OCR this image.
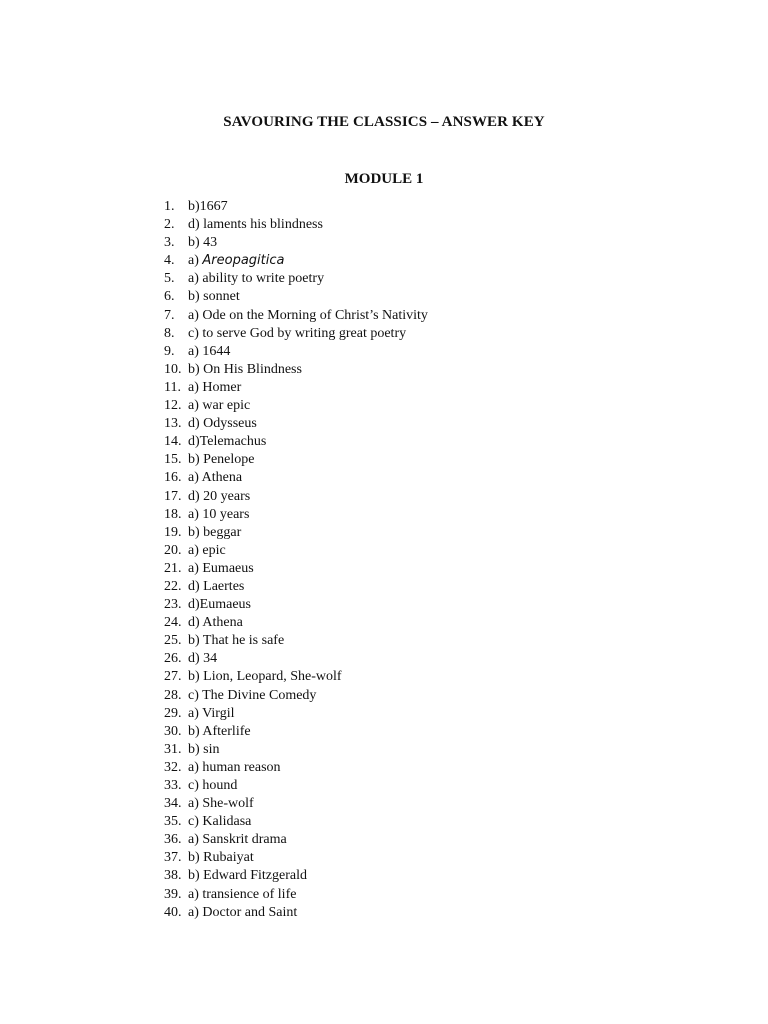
SAVOURING THE CLASSICS – ANSWER KEY
MODULE 1
1. b)1667
2. d) laments his blindness
3. b) 43
4. a) Areopagitica
5. a) ability to write poetry
6. b) sonnet
7. a) Ode on the Morning of Christ’s Nativity
8. c) to serve God by writing great poetry
9. a) 1644
10. b) On His Blindness
11. a) Homer
12. a) war epic
13. d) Odysseus
14. d)Telemachus
15. b) Penelope
16. a) Athena
17. d) 20 years
18. a) 10 years
19. b) beggar
20. a) epic
21. a) Eumaeus
22. d) Laertes
23. d)Eumaeus
24. d) Athena
25. b) That he is safe
26. d) 34
27. b) Lion, Leopard, She-wolf
28. c) The Divine Comedy
29. a) Virgil
30. b) Afterlife
31. b) sin
32. a) human reason
33. c) hound
34. a) She-wolf
35. c) Kalidasa
36. a) Sanskrit drama
37. b) Rubaiyat
38. b) Edward Fitzgerald
39. a) transience of life
40. a) Doctor and Saint
